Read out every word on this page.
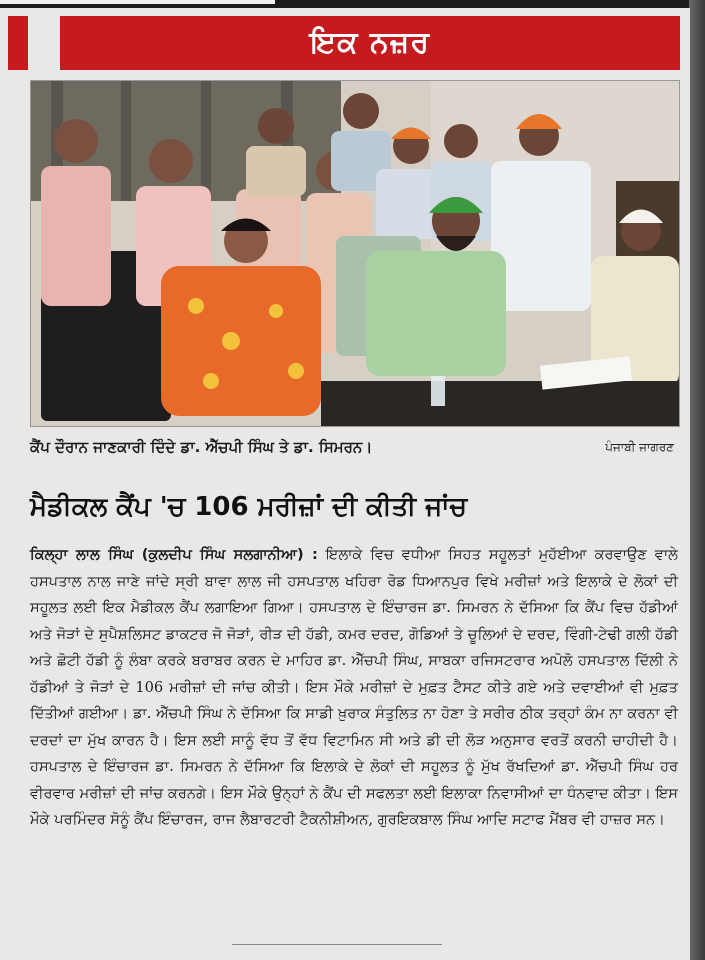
ਇਕ ਨਜ਼ਰ
ਕੈਂਪ ਦੌਰਾਨ ਜਾਣਕਾਰੀ ਦਿੰਦੇ ਡਾ. ਐੱਚਪੀ ਸਿੰਘ ਤੇ ਡਾ. ਸਿਮਰਨ।	ਪੰਜਾਬੀ ਜਾਗਰਣ
ਮੈਡੀਕਲ ਕੈਂਪ 'ਚ 106 ਮਰੀਜ਼ਾਂ ਦੀ ਕੀਤੀ ਜਾਂਚ
ਕਿਲ੍ਹਾ ਲਾਲ ਸਿੰਘ (ਕੁਲਦੀਪ ਸਿੰਘ ਸਲਗਾਨੀਆ) : ਇਲਾਕੇ ਵਿਚ ਵਧੀਆ ਸਿਹਤ ਸਹੂਲਤਾਂ ਮੁਹੱਈਆ ਕਰਵਾਉਣ ਵਾਲੇ ਹਸਪਤਾਲ ਨਾਲ ਜਾਣੇ ਜਾਂਦੇ ਸ੍ਰੀ ਬਾਵਾ ਲਾਲ ਜੀ ਹਸਪਤਾਲ ਖਹਿਰਾ ਰੋਡ ਧਿਆਨਪੁਰ ਵਿਖੇ ਮਰੀਜ਼ਾਂ ਅਤੇ ਇਲਾਕੇ ਦੇ ਲੋਕਾਂ ਦੀ ਸਹੂਲਤ ਲਈ ਇਕ ਮੈਡੀਕਲ ਕੈਂਪ ਲਗਾਇਆ ਗਿਆ। ਹਸਪਤਾਲ ਦੇ ਇੰਚਾਰਜ ਡਾ. ਸਿਮਰਨ ਨੇ ਦੱਸਿਆ ਕਿ ਕੈਂਪ ਵਿਚ ਹੱਡੀਆਂ ਅਤੇ ਜੋੜਾਂ ਦੇ ਸੁਪੈਸ਼ਲਿਸਟ ਡਾਕਟਰ ਜੋ ਜੋੜਾਂ, ਰੀੜ ਦੀ ਹੱਡੀ, ਕਮਰ ਦਰਦ, ਗੋਡਿਆਂ ਤੇ ਚੂਲਿਆਂ ਦੇ ਦਰਦ, ਵਿੰਗੀ-ਟੇਢੀ ਗਲੀ ਹੱਡੀ ਅਤੇ ਛੋਟੀ ਹੱਡੀ ਨੂੰ ਲੰਬਾ ਕਰਕੇ ਬਰਾਬਰ ਕਰਨ ਦੇ ਮਾਹਿਰ ਡਾ. ਐੱਚਪੀ ਸਿੰਘ, ਸਾਬਕਾ ਰਜਿਸਟਰਾਰ ਅਪੋਲੋ ਹਸਪਤਾਲ ਦਿੱਲੀ ਨੇ ਹੱਡੀਆਂ ਤੇ ਜੋੜਾਂ ਦੇ 106 ਮਰੀਜ਼ਾਂ ਦੀ ਜਾਂਚ ਕੀਤੀ। ਇਸ ਮੌਕੇ ਮਰੀਜ਼ਾਂ ਦੇ ਮੁਫ਼ਤ ਟੈਸਟ ਕੀਤੇ ਗਏ ਅਤੇ ਦਵਾਈਆਂ ਵੀ ਮੁਫ਼ਤ ਦਿੱਤੀਆਂ ਗਈਆ। ਡਾ. ਐੱਚਪੀ ਸਿੰਘ ਨੇ ਦੱਸਿਆ ਕਿ ਸਾਡੀ ਖ਼ੁਰਾਕ ਸੰਤੁਲਿਤ ਨਾ ਹੋਣਾ ਤੇ ਸਰੀਰ ਠੀਕ ਤਰ੍ਹਾਂ ਕੰਮ ਨਾ ਕਰਨਾ ਵੀ ਦਰਦਾਂ ਦਾ ਮੁੱਖ ਕਾਰਨ ਹੈ। ਇਸ ਲਈ ਸਾਨੂੰ ਵੱਧ ਤੋਂ ਵੱਧ ਵਿਟਾਮਿਨ ਸੀ ਅਤੇ ਡੀ ਦੀ ਲੋੜ ਅਨੁਸਾਰ ਵਰਤੋਂ ਕਰਨੀ ਚਾਹੀਦੀ ਹੈ। ਹਸਪਤਾਲ ਦੇ ਇੰਚਾਰਜ ਡਾ. ਸਿਮਰਨ ਨੇ ਦੱਸਿਆ ਕਿ ਇਲਾਕੇ ਦੇ ਲੋਕਾਂ ਦੀ ਸਹੂਲਤ ਨੂੰ ਮੁੱਖ ਰੱਖਦਿਆਂ ਡਾ. ਐੱਚਪੀ ਸਿੰਘ ਹਰ ਵੀਰਵਾਰ ਮਰੀਜ਼ਾਂ ਦੀ ਜਾਂਚ ਕਰਨਗੇ। ਇਸ ਮੌਕੇ ਉਨ੍ਹਾਂ ਨੇ ਕੈਂਪ ਦੀ ਸਫਲਤਾ ਲਈ ਇਲਾਕਾ ਨਿਵਾਸੀਆਂ ਦਾ ਧੰਨਵਾਦ ਕੀਤਾ। ਇਸ ਮੌਕੇ ਪਰਮਿੰਦਰ ਸੋਨੂੰ ਕੈਂਪ ਇੰਚਾਰਜ, ਰਾਜ ਲੈਬਾਰਟਰੀ ਟੈਕਨੀਸ਼ੀਅਨ, ਗੁਰਇਕਬਾਲ ਸਿੰਘ ਆਦਿ ਸਟਾਫ ਮੈਂਬਰ ਵੀ ਹਾਜ਼ਰ ਸਨ।
